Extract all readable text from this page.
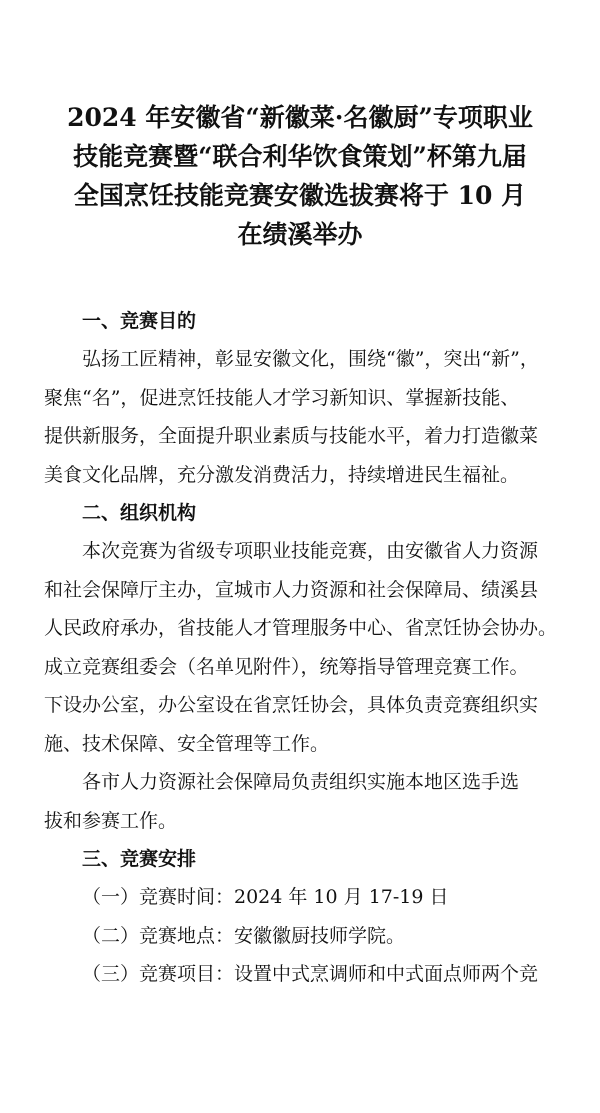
2024 年安徽省“新徽菜·名徽厨”专项职业
技能竞赛暨“联合利华饮食策划”杯第九届
全国烹饪技能竞赛安徽选拔赛将于 10 月
在绩溪举办
一、竞赛目的
弘扬工匠精神，彰显安徽文化，围绕“徽”，突出“新”，
聚焦“名”，促进烹饪技能人才学习新知识、掌握新技能、
提供新服务，全面提升职业素质与技能水平，着力打造徽菜
美食文化品牌，充分激发消费活力，持续增进民生福祉。
二、组织机构
本次竞赛为省级专项职业技能竞赛，由安徽省人力资源
和社会保障厅主办，宣城市人力资源和社会保障局、绩溪县
人民政府承办，省技能人才管理服务中心、省烹饪协会协办。
成立竞赛组委会（名单见附件），统筹指导管理竞赛工作。
下设办公室，办公室设在省烹饪协会，具体负责竞赛组织实
施、技术保障、安全管理等工作。
各市人力资源社会保障局负责组织实施本地区选手选
拔和参赛工作。
三、竞赛安排
（一）竞赛时间：2024 年 10 月 17-19 日
（二）竞赛地点：安徽徽厨技师学院。
（三）竞赛项目：设置中式烹调师和中式面点师两个竞
